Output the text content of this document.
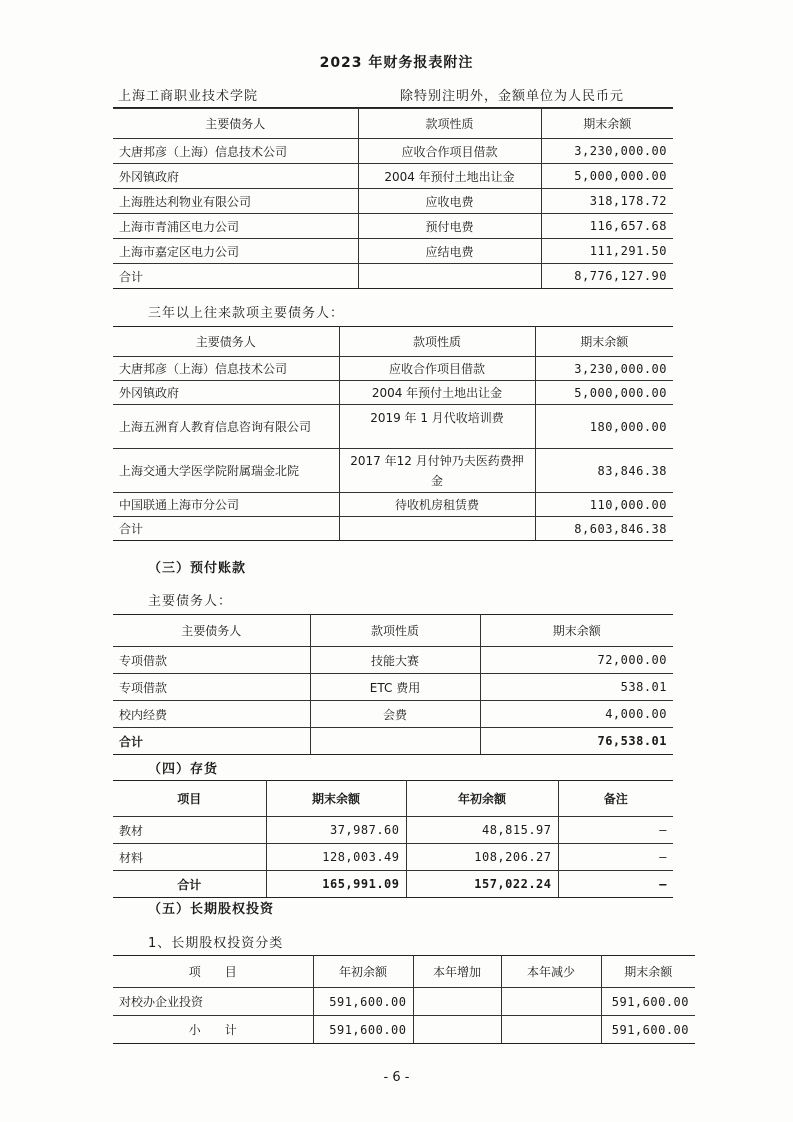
2023 年财务报表附注
上海工商职业技术学院	除特别注明外，金额单位为人民币元
主要债务人	款项性质	期末余额
大唐邦彦（上海）信息技术公司	应收合作项目借款	3,230,000.00
外冈镇政府	2004 年预付土地出让金	5,000,000.00
上海胜达利物业有限公司	应收电费	318,178.72
上海市青浦区电力公司	预付电费	116,657.68
上海市嘉定区电力公司	应结电费	111,291.50
合计		8,776,127.90
三年以上往来款项主要债务人：
主要债务人	款项性质	期末余额
大唐邦彦（上海）信息技术公司	应收合作项目借款	3,230,000.00
外冈镇政府	2004 年预付土地出让金	5,000,000.00
上海五洲育人教育信息咨询有限公司	2019 年 1 月代收培训费	180,000.00
上海交通大学医学院附属瑞金北院	2017 年12 月付钟乃夫医药费押金	83,846.38
中国联通上海市分公司	待收机房租赁费	110,000.00
合计		8,603,846.38
（三）预付账款
主要债务人：
主要债务人	款项性质	期末余额
专项借款	技能大赛	72,000.00
专项借款	ETC 费用	538.01
校内经费	会费	4,000.00
合计		76,538.01
（四）存货
项目	期末余额	年初余额	备注
教材	37,987.60	48,815.97	—
材料	128,003.49	108,206.27	—
合计	165,991.09	157,022.24	—
（五）长期股权投资
1、长期股权投资分类
项　　目	年初余额	本年增加	本年减少	期末余额
对校办企业投资	591,600.00			591,600.00
小　　计	591,600.00			591,600.00
- 6 -
